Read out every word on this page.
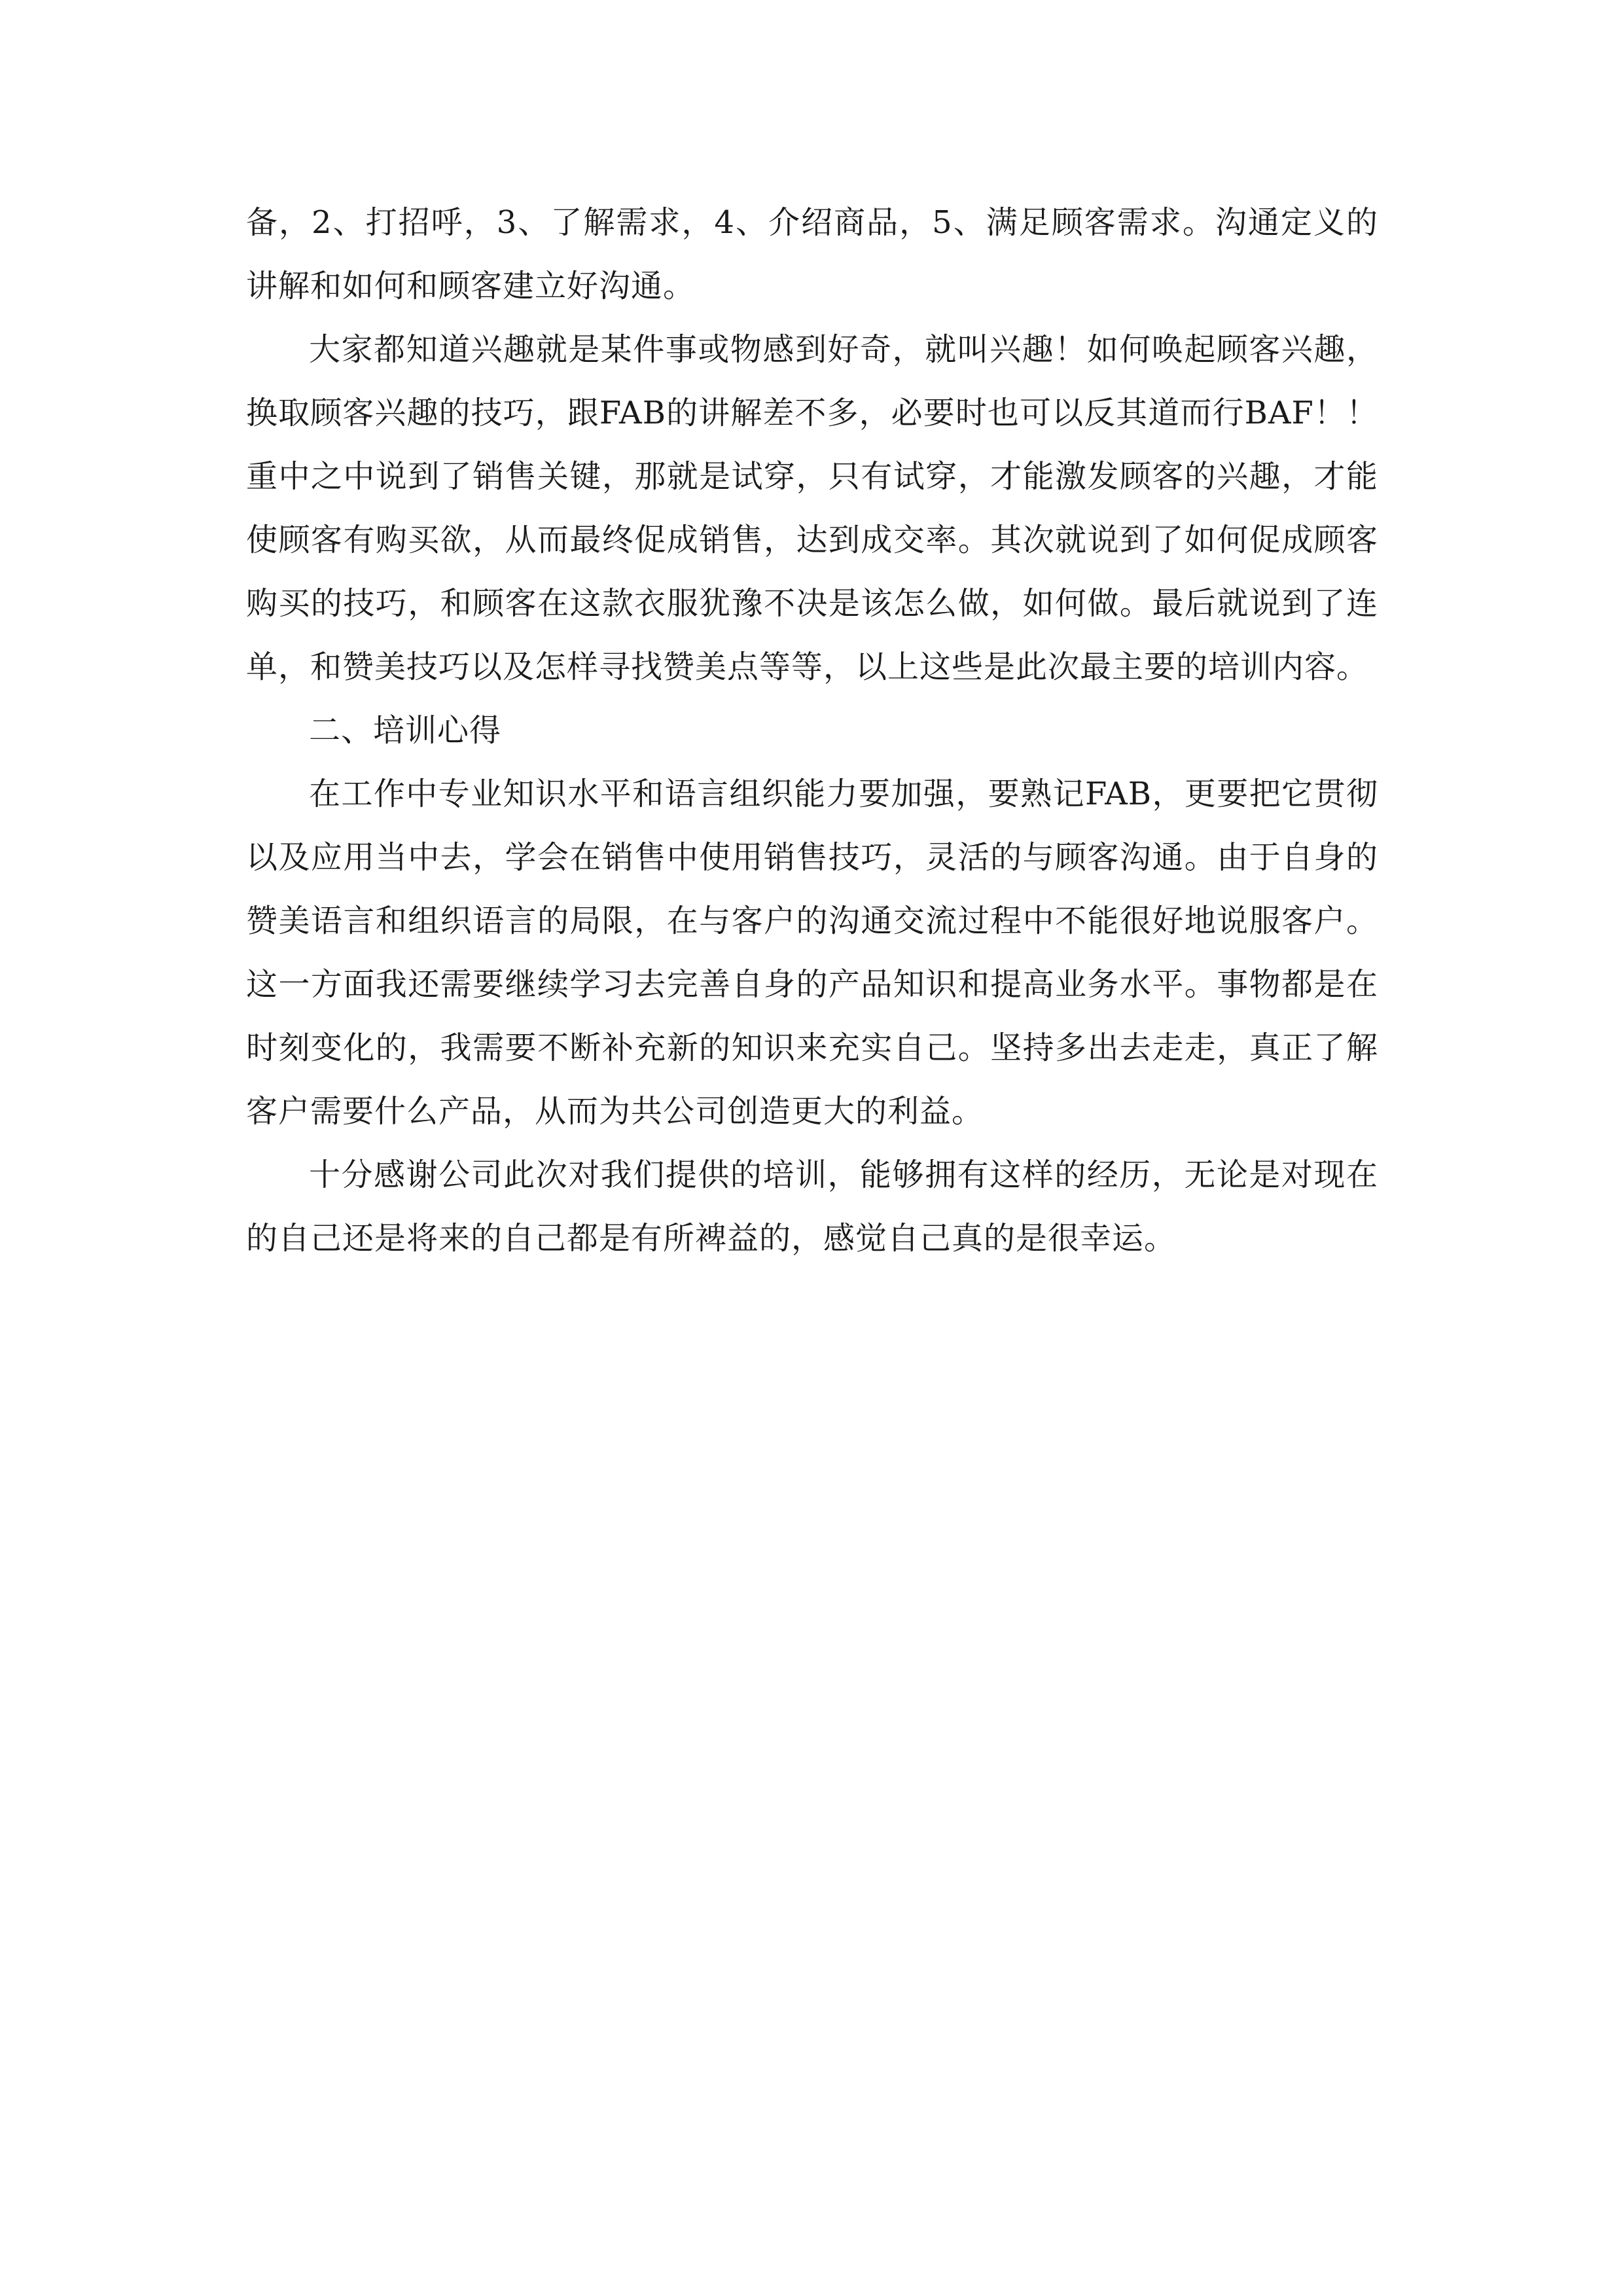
备，2、打招呼，3、了解需求，4、介绍商品，5、满足顾客需求。沟通定义的讲解和如何和顾客建立好沟通。

大家都知道兴趣就是某件事或物感到好奇，就叫兴趣！如何唤起顾客兴趣，换取顾客兴趣的技巧，跟FAB的讲解差不多，必要时也可以反其道而行BAF！！重中之中说到了销售关键，那就是试穿，只有试穿，才能激发顾客的兴趣，才能使顾客有购买欲，从而最终促成销售，达到成交率。其次就说到了如何促成顾客购买的技巧，和顾客在这款衣服犹豫不决是该怎么做，如何做。最后就说到了连单，和赞美技巧以及怎样寻找赞美点等等，以上这些是此次最主要的培训内容。

二、培训心得

在工作中专业知识水平和语言组织能力要加强，要熟记FAB，更要把它贯彻以及应用当中去，学会在销售中使用销售技巧，灵活的与顾客沟通。由于自身的赞美语言和组织语言的局限，在与客户的沟通交流过程中不能很好地说服客户。这一方面我还需要继续学习去完善自身的产品知识和提高业务水平。事物都是在时刻变化的，我需要不断补充新的知识来充实自己。坚持多出去走走，真正了解客户需要什么产品，从而为共公司创造更大的利益。

十分感谢公司此次对我们提供的培训，能够拥有这样的经历，无论是对现在的自己还是将来的自己都是有所裨益的，感觉自己真的是很幸运。
